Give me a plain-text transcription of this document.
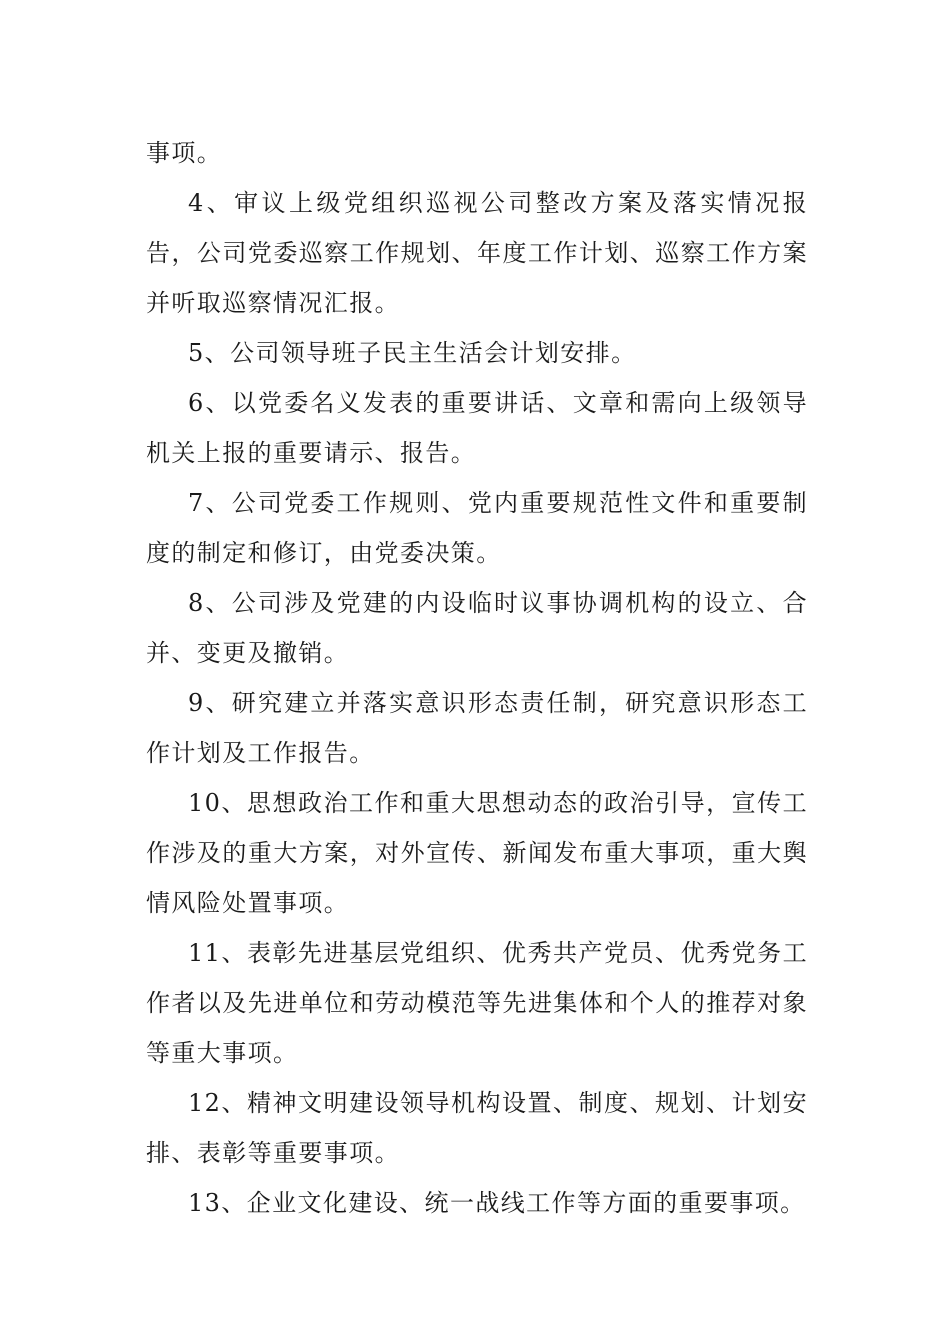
事项。

4、审议上级党组织巡视公司整改方案及落实情况报告，公司党委巡察工作规划、年度工作计划、巡察工作方案并听取巡察情况汇报。

5、公司领导班子民主生活会计划安排。

6、以党委名义发表的重要讲话、文章和需向上级领导机关上报的重要请示、报告。

7、公司党委工作规则、党内重要规范性文件和重要制度的制定和修订，由党委决策。

8、公司涉及党建的内设临时议事协调机构的设立、合并、变更及撤销。

9、研究建立并落实意识形态责任制，研究意识形态工作计划及工作报告。

10、思想政治工作和重大思想动态的政治引导，宣传工作涉及的重大方案，对外宣传、新闻发布重大事项，重大舆情风险处置事项。

11、表彰先进基层党组织、优秀共产党员、优秀党务工作者以及先进单位和劳动模范等先进集体和个人的推荐对象等重大事项。

12、精神文明建设领导机构设置、制度、规划、计划安排、表彰等重要事项。

13、企业文化建设、统一战线工作等方面的重要事项。
